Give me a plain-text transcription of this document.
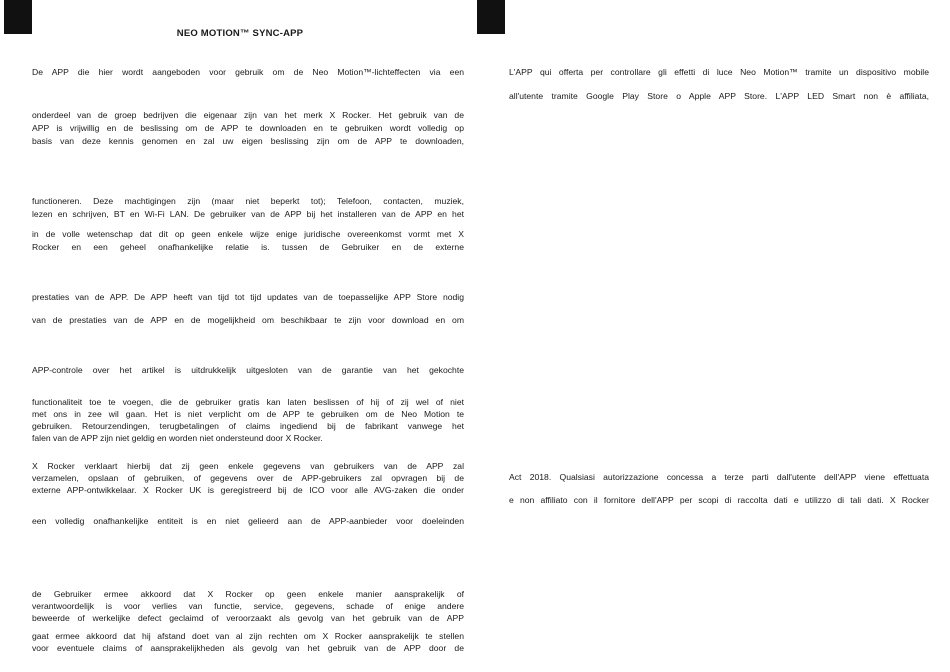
NEO MOTION™ SYNC-APP
De APP die hier wordt aangeboden voor gebruik om de Neo Motion™-lichteffecten via een
onderdeel van de groep bedrijven die eigenaar zijn van het merk X Rocker. Het gebruik van de
APP is vrijwillig en de beslissing om de APP te downloaden en te gebruiken wordt volledig op
basis van deze kennis genomen en zal uw eigen beslissing zijn om de APP te downloaden,
functioneren. Deze machtigingen zijn (maar niet beperkt tot); Telefoon, contacten, muziek,
lezen en schrijven, BT en Wi-Fi LAN. De gebruiker van de APP bij het installeren van de APP en het
in de volle wetenschap dat dit op geen enkele wijze enige juridische overeenkomst vormt met X
Rocker en een geheel onafhankelijke relatie is. tussen de Gebruiker en de externe
prestaties van de APP. De APP heeft van tijd tot tijd updates van de toepasselijke APP Store nodig
van de prestaties van de APP en de mogelijkheid om beschikbaar te zijn voor download en om
APP-controle over het artikel is uitdrukkelijk uitgesloten van de garantie van het gekochte
functionaliteit toe te voegen, die de gebruiker gratis kan laten beslissen of hij of zij wel of niet
met ons in zee wil gaan. Het is niet verplicht om de APP te gebruiken om de Neo Motion te
gebruiken. Retourzendingen, terugbetalingen of claims ingediend bij de fabrikant vanwege het
falen van de APP zijn niet geldig en worden niet ondersteund door X Rocker.
X Rocker verklaart hierbij dat zij geen enkele gegevens van gebruikers van de APP zal
verzamelen, opslaan of gebruiken, of gegevens over de APP-gebruikers zal opvragen bij de
externe APP-ontwikkelaar. X Rocker UK is geregistreerd bij de ICO voor alle AVG-zaken die onder
een volledig onafhankelijke entiteit is en niet gelieerd aan de APP-aanbieder voor doeleinden
de Gebruiker ermee akkoord dat X Rocker op geen enkele manier aansprakelijk of
verantwoordelijk is voor verlies van functie, service, gegevens, schade of enige andere
beweerde of werkelijke defect geclaimd of veroorzaakt als gevolg van het gebruik van de APP
gaat ermee akkoord dat hij afstand doet van al zijn rechten om X Rocker aansprakelijk te stellen
voor eventuele claims of aansprakelijkheden als gevolg van het gebruik van de APP door de
L'APP qui offerta per controllare gli effetti di luce Neo Motion™ tramite un dispositivo mobile
all'utente tramite Google Play Store o Apple APP Store. L'APP LED Smart non è affiliata,
Act 2018. Qualsiasi autorizzazione concessa a terze parti dall'utente dell'APP viene effettuata
e non affiliato con il fornitore dell'APP per scopi di raccolta dati e utilizzo di tali dati. X Rocker
